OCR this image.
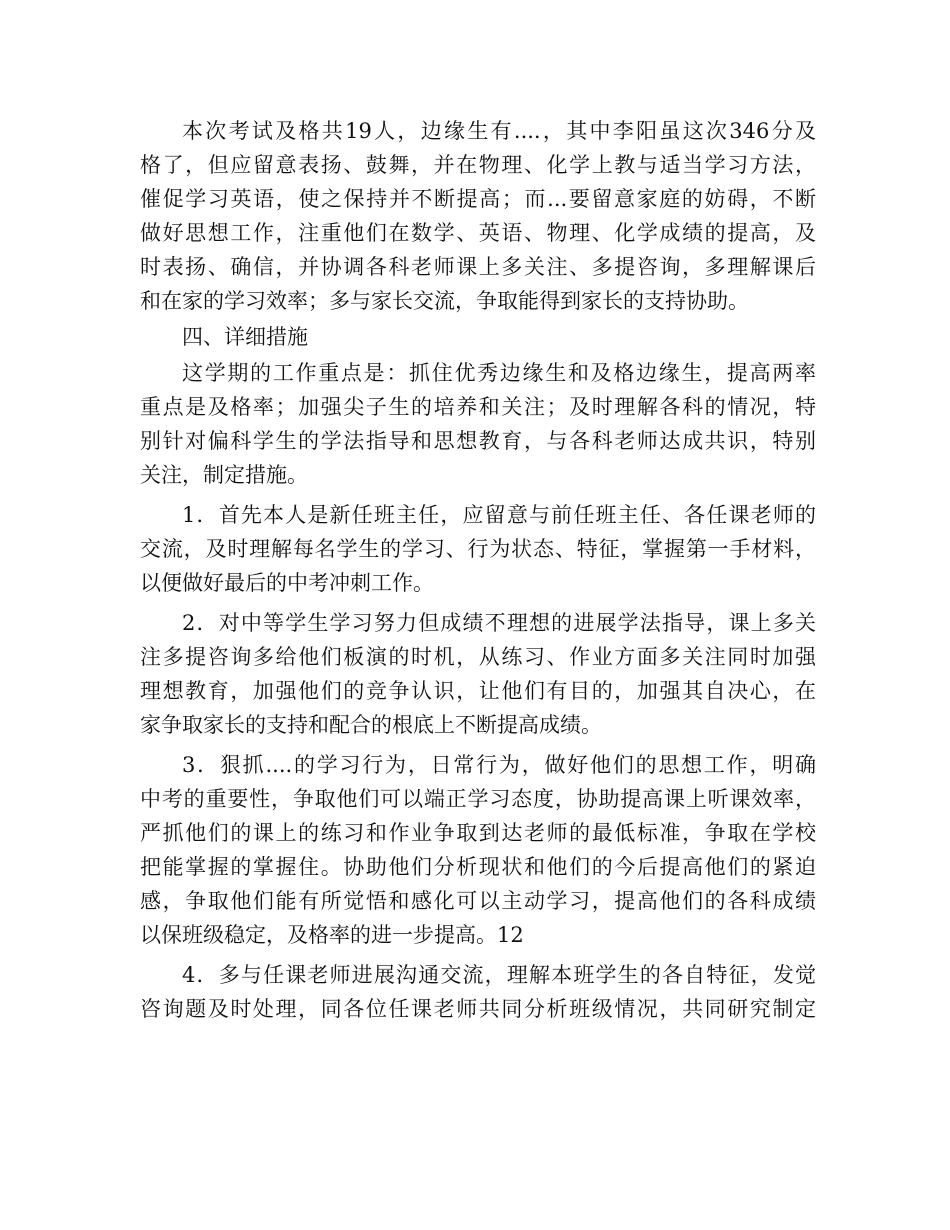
本次考试及格共19人，边缘生有....，其中李阳虽这次346分及
格了，但应留意表扬、鼓舞，并在物理、化学上教与适当学习方法，
催促学习英语，使之保持并不断提高；而...要留意家庭的妨碍，不断
做好思想工作，注重他们在数学、英语、物理、化学成绩的提高，及
时表扬、确信，并协调各科老师课上多关注、多提咨询，多理解课后
和在家的学习效率；多与家长交流，争取能得到家长的支持协助。
四、详细措施
这学期的工作重点是：抓住优秀边缘生和及格边缘生，提高两率
重点是及格率；加强尖子生的培养和关注；及时理解各科的情况，特
别针对偏科学生的学法指导和思想教育，与各科老师达成共识，特别
关注，制定措施。
1．首先本人是新任班主任，应留意与前任班主任、各任课老师的
交流，及时理解每名学生的学习、行为状态、特征，掌握第一手材料，
以便做好最后的中考冲刺工作。
2．对中等学生学习努力但成绩不理想的进展学法指导，课上多关
注多提咨询多给他们板演的时机，从练习、作业方面多关注同时加强
理想教育，加强他们的竞争认识，让他们有目的，加强其自决心，在
家争取家长的支持和配合的根底上不断提高成绩。
3．狠抓....的学习行为，日常行为，做好他们的思想工作，明确
中考的重要性，争取他们可以端正学习态度，协助提高课上听课效率，
严抓他们的课上的练习和作业争取到达老师的最低标准，争取在学校
把能掌握的掌握住。协助他们分析现状和他们的今后提高他们的紧迫
感，争取他们能有所觉悟和感化可以主动学习，提高他们的各科成绩
以保班级稳定，及格率的进一步提高。12
4．多与任课老师进展沟通交流，理解本班学生的各自特征，发觉
咨询题及时处理，同各位任课老师共同分析班级情况，共同研究制定
